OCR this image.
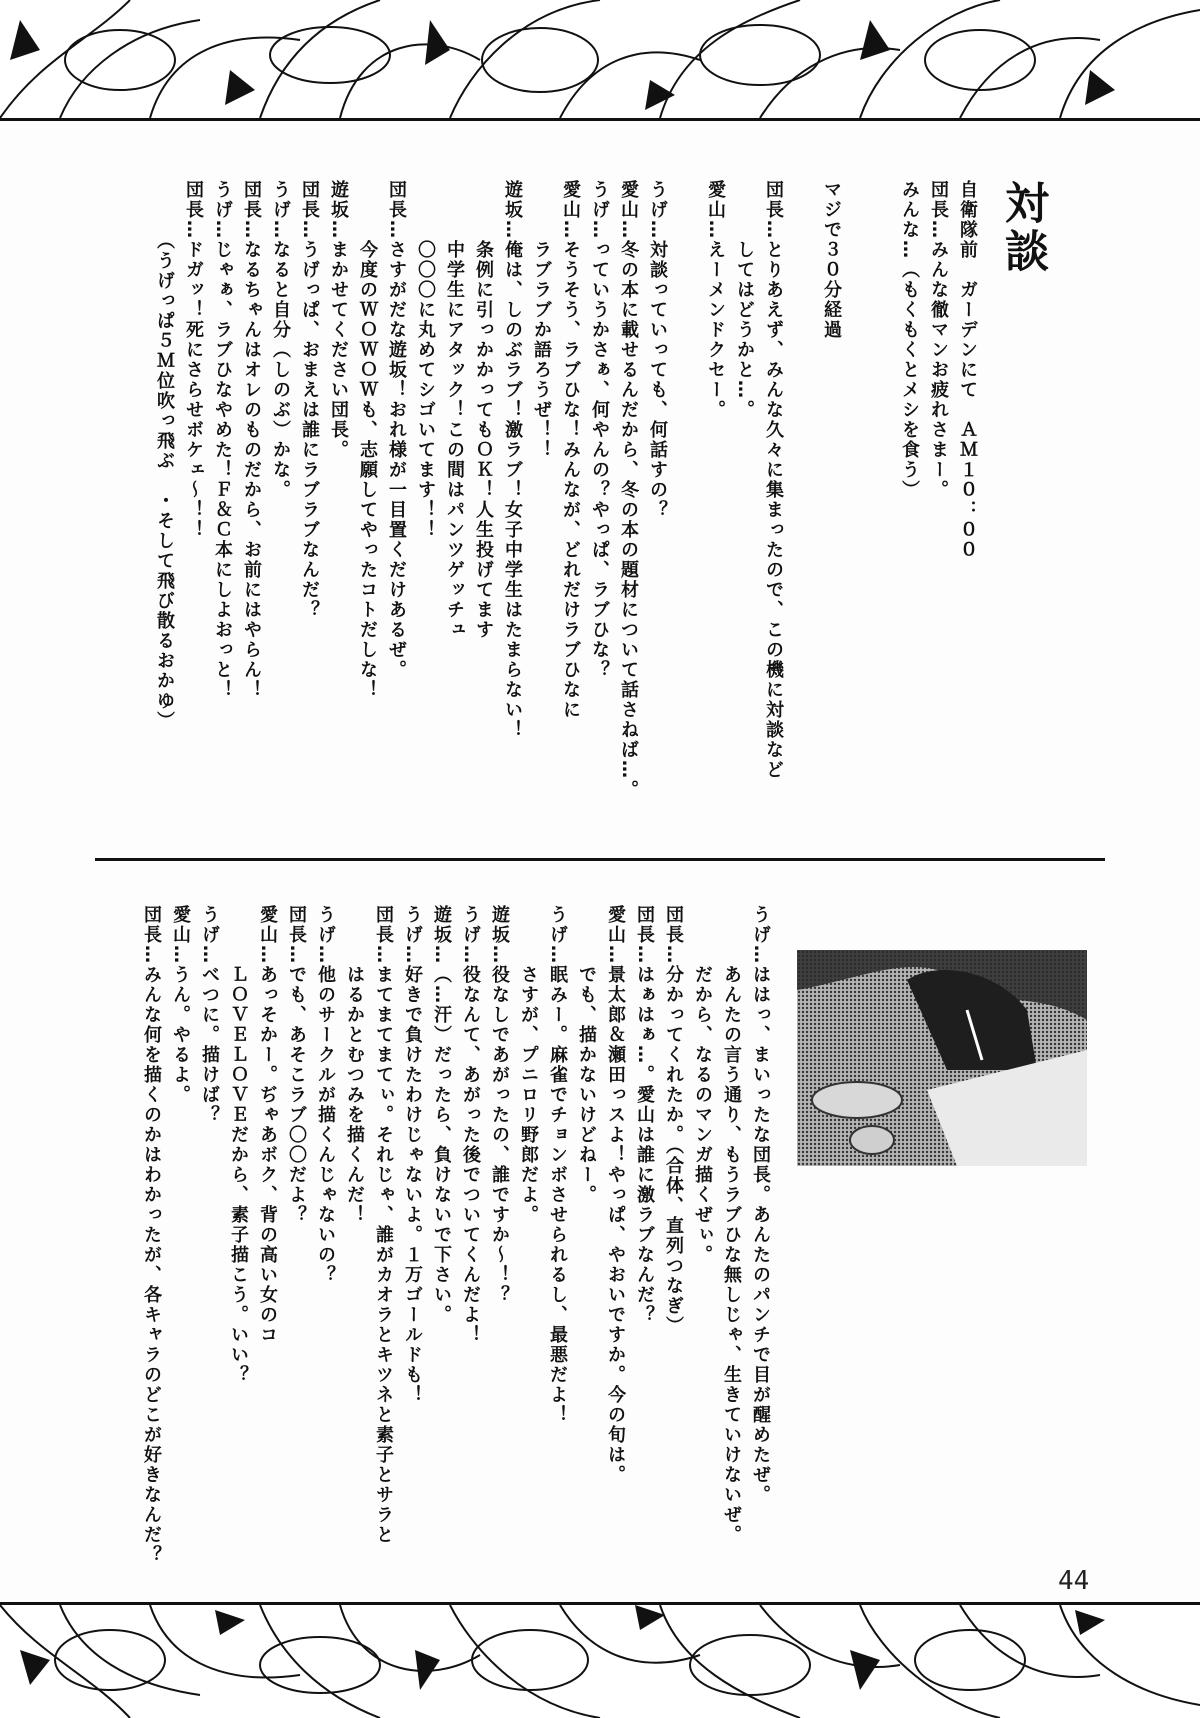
対談
自衛隊前　ガーデンにて　ＡＭ１０：００
団長…みんな徹マンお疲れさまー。
みんな…（もくもくとメシを食う）
マジで３０分経過
団長…とりあえず、みんな久々に集まったので、この機に対談など
　　　してはどうかと…。
愛山…えーメンドクセー。
うげ…対談っていっても、何話すの？
愛山…冬の本に載せるんだから、冬の本の題材について話さねば…。
うげ…っていうかさぁ、何やんの？やっぱ、ラブひな？
愛山…そうそう、ラブひな！みんなが、どれだけラブひなに
　　　ラブラブか語ろうぜ！！
遊坂…俺は、しのぶラブ！激ラブ！女子中学生はたまらない！
　　　条例に引っかかってもＯＫ！人生投げてます
　　　中学生にアタック！この間はパンツゲッチュ
　　　〇〇〇に丸めてシゴいてます！！
団長…さすがだな遊坂！おれ様が一目置くだけあるぜ。
　　　今度のＷＯＷＯＷも、志願してやったコトだしな！
遊坂…まかせてください団長。
団長…うげっぱ、おまえは誰にラブラブなんだ？
うげ…なると自分（しのぶ）かな。
団長…なるちゃんはオレのものだから、お前にはやらん！
うげ…じゃぁ、ラブひなやめた！Ｆ＆Ｃ本にしよおっと！
団長…ドガッ！死にさらせボケェ〜！！
　　　（うげっぱ５Ｍ位吹っ飛ぶ　・そして飛び散るおかゆ）
うげ…ははっ、まいったな団長。あんたのパンチで目が醒めたぜ。
　　　あんたの言う通り、もうラブひな無しじゃ、生きていけないぜ。
　　　だから、なるのマンガ描くぜぃ。
団長…分かってくれたか。（合体、直列つなぎ）
団長…はぁはぁ…。愛山は誰に激ラブなんだ？
愛山…景太郎＆瀬田っスよ！やっぱ、やおいですか。今の旬は。
　　　でも、描かないけどねー。
うげ…眠みー。麻雀でチョンボさせられるし、最悪だよ！
　　　さすが、プニロリ野郎だよ。
遊坂…役なしであがったの、誰ですか〜！？
うげ…役なんて、あがった後でついてくんだよ！
遊坂…（…汗）だったら、負けないで下さい。
うげ…好きで負けたわけじゃないよ。１万ゴールドも！
団長…まてまてまてぃ。それじゃ、誰がカオラとキツネと素子とサラと
　　　はるかとむつみを描くんだ！
うげ…他のサークルが描くんじゃないの？
団長…でも、あそこラブ〇〇だよ？
愛山…あっそかー。ぢゃあボク、背の高い女のコ
　　　ＬＯＶＥＬＯＶＥだから、素子描こう。いい？
うげ…べつに。描けば？
愛山…うん。やるよ。
団長…みんな何を描くのかはわかったが、各キャラのどこが好きなんだ？
44
